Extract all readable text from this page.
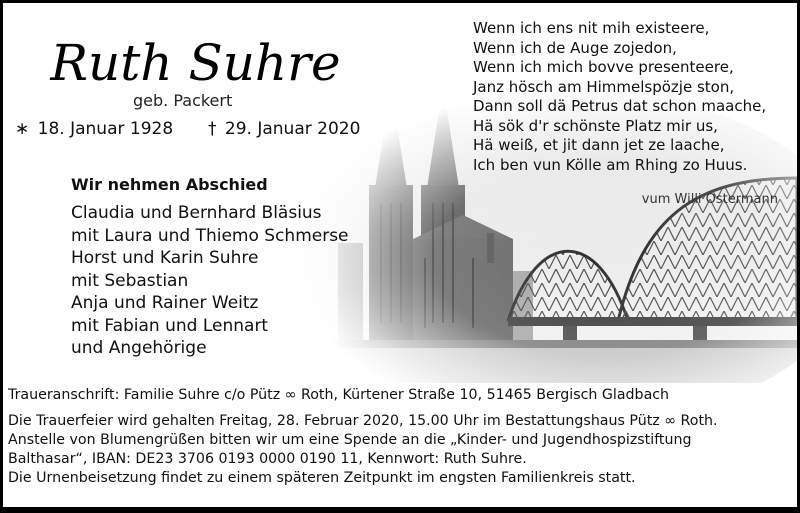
Ruth Suhre
geb. Packert
∗ 18. Januar 1928 † 29. Januar 2020
Wir nehmen Abschied
Claudia und Bernhard Bläsius
mit Laura und Thiemo Schmerse
Horst und Karin Suhre
mit Sebastian
Anja und Rainer Weitz
mit Fabian und Lennart
und Angehörige
Wenn ich ens nit mih existeere,
Wenn ich de Auge zojedon,
Wenn ich mich bovve presenteere,
Janz hösch am Himmelspözje ston,
Dann soll dä Petrus dat schon maache,
Hä sök d'r schönste Platz mir us,
Hä weiß, et jit dann jet ze laache,
Ich ben vun Kölle am Rhing zo Huus.
vum Willi Ostermann

Traueranschrift: Familie Suhre c/o Pütz ∞ Roth, Kürtener Straße 10, 51465 Bergisch Gladbach

Die Trauerfeier wird gehalten Freitag, 28. Februar 2020, 15.00 Uhr im Bestattungshaus Pütz ∞ Roth.

Anstelle von Blumengrüßen bitten wir um eine Spende an die „Kinder- und Jugendhospizstiftung

Balthasar“, IBAN: DE23 3706 0193 0000 0190 11, Kennwort: Ruth Suhre.

Die Urnenbeisetzung findet zu einem späteren Zeitpunkt im engsten Familienkreis statt.
